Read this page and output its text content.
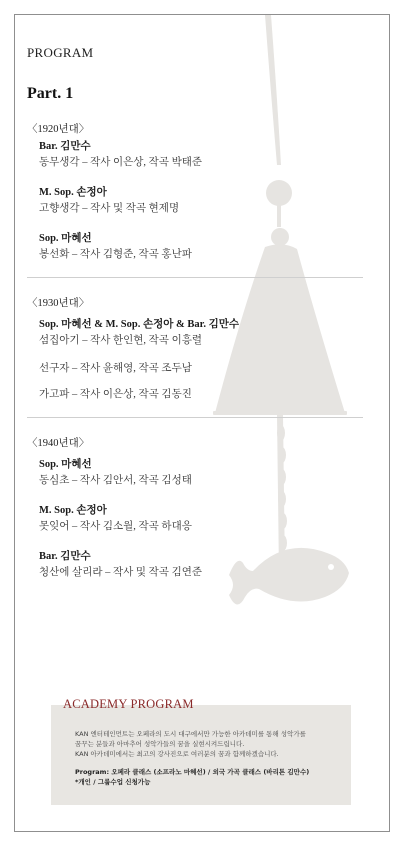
PROGRAM
Part. 1
〈1920년대〉
Bar. 김만수
동무생각 – 작사 이은상, 작곡 박태준
M. Sop. 손정아
고향생각 – 작사 및 작곡 현제명
Sop. 마혜선
봉선화 – 작사 김형준, 작곡 홍난파
〈1930년대〉
Sop. 마혜선 & M. Sop. 손정아 & Bar. 김만수
섬집아기 – 작사 한인현, 작곡 이흥렬
선구자 – 작사 윤해영, 작곡 조두남
가고파 – 작사 이은상, 작곡 김동진
〈1940년대〉
Sop. 마혜선
동심초 – 작사 김안서, 작곡 김성태
M. Sop. 손정아
못잊어 – 작사 김소월, 작곡 하대응
Bar. 김만수
청산에 살리라 – 작사 및 작곡 김연준
ACADEMY PROGRAM
KAN 엔터테인먼트는 오페라의 도시 대구에서만 가능한 아카데미를 통해 성악가를
꿈꾸는 분들과 아마추어 성악가들의 꿈을 실현시켜드립니다.
KAN 아카데미에서는 최고의 강사진으로 여러분의 꿈과 함께하겠습니다.
Program: 오페라 클래스 (소프라노 마혜선) / 외국 가곡 클래스 (바리톤 김만수)
*개인 / 그룹수업 신청가능
